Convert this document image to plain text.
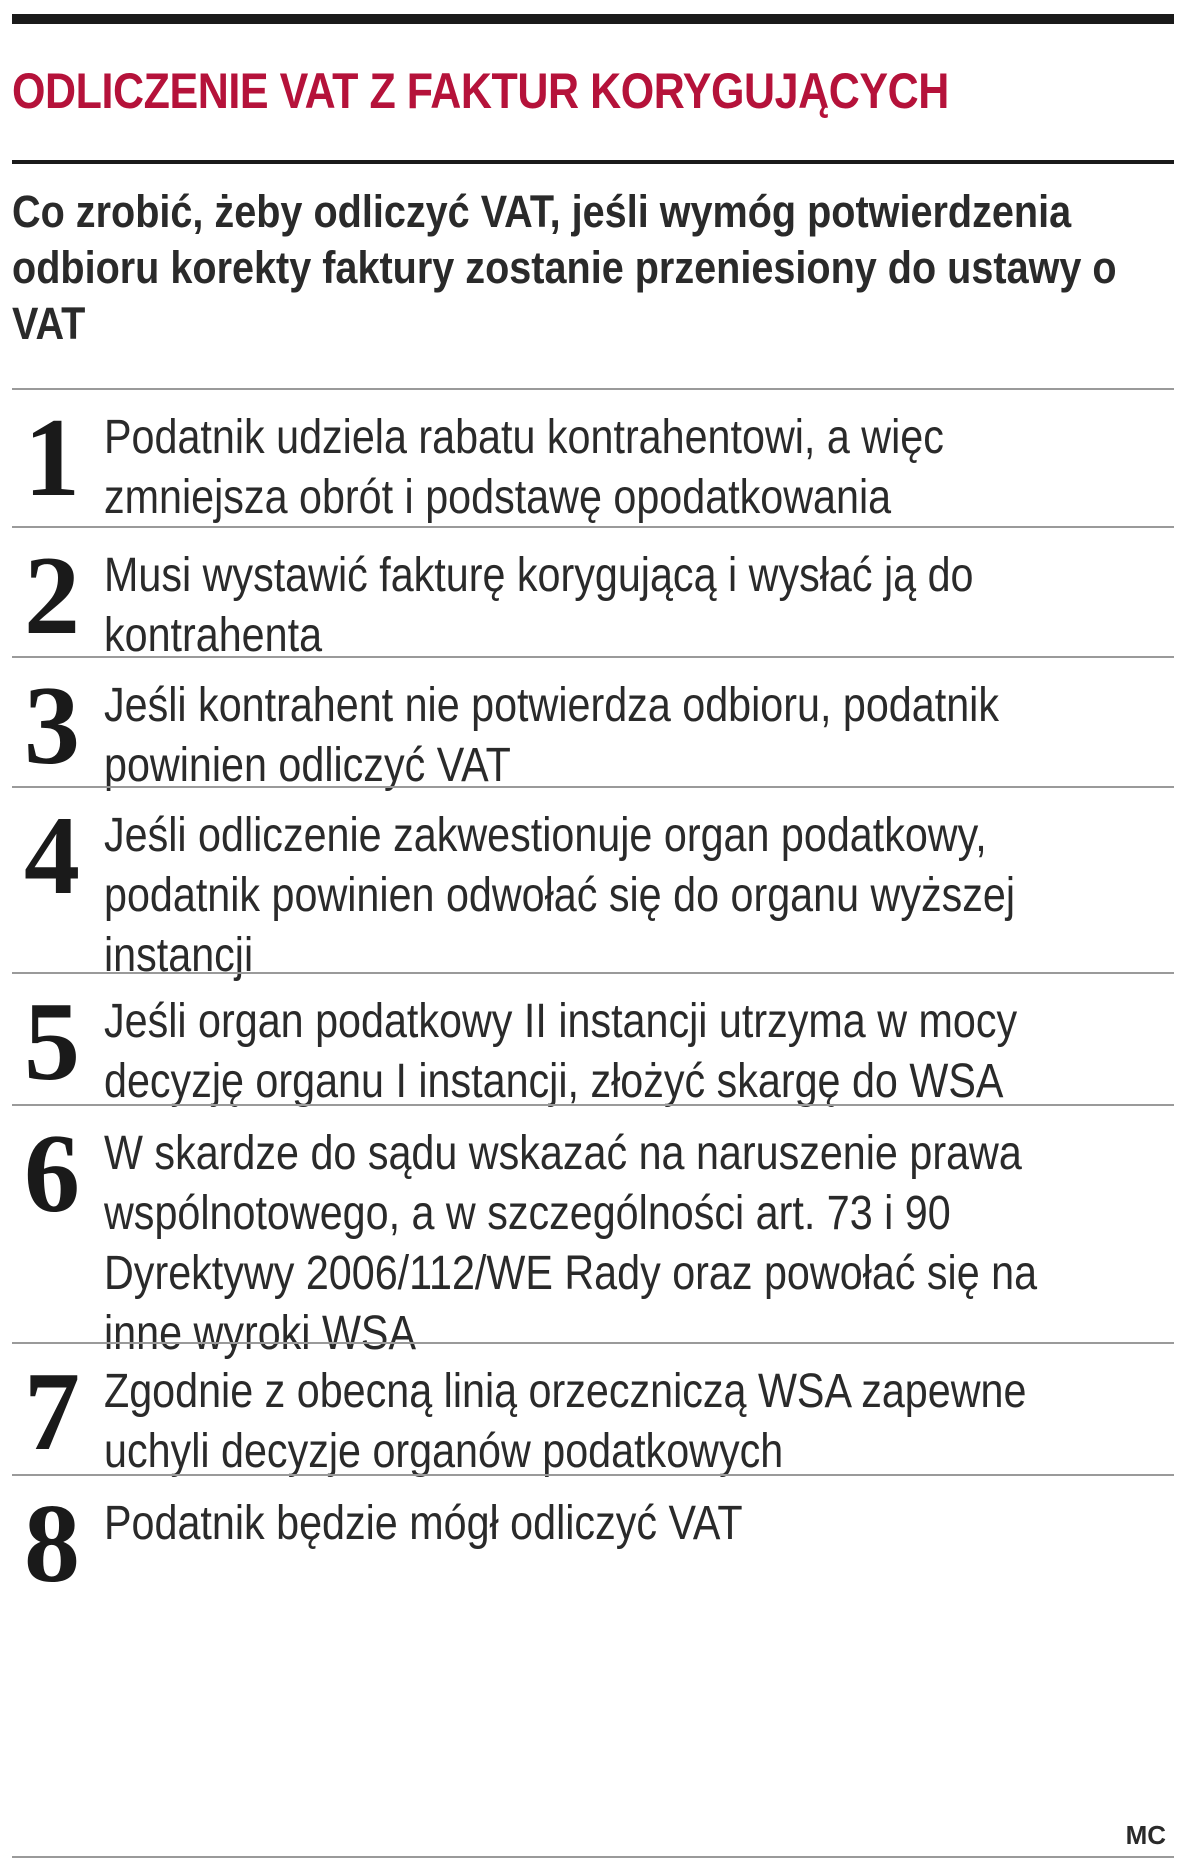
ODLICZENIE VAT Z FAKTUR KORYGUJĄCYCH
Co zrobić, żeby odliczyć VAT, jeśli wymóg potwierdzenia odbioru korekty faktury zostanie przeniesiony do ustawy o VAT
1 Podatnik udziela rabatu kontrahentowi, a więc zmniejsza obrót i podstawę opodatkowania
2 Musi wystawić fakturę korygującą i wysłać ją do kontrahenta
3 Jeśli kontrahent nie potwierdza odbioru, podatnik powinien odliczyć VAT
4 Jeśli odliczenie zakwestionuje organ podatkowy, podatnik powinien odwołać się do organu wyższej instancji
5 Jeśli organ podatkowy II instancji utrzyma w mocy decyzję organu I instancji, złożyć skargę do WSA
6 W skardze do sądu wskazać na naruszenie prawa wspólnotowego, a w szczególności art. 73 i 90 Dyrektywy 2006/112/WE Rady oraz powołać się na inne wyroki WSA
7 Zgodnie z obecną linią orzeczniczą WSA zapewne uchyli decyzje organów podatkowych
8 Podatnik będzie mógł odliczyć VAT
MC
